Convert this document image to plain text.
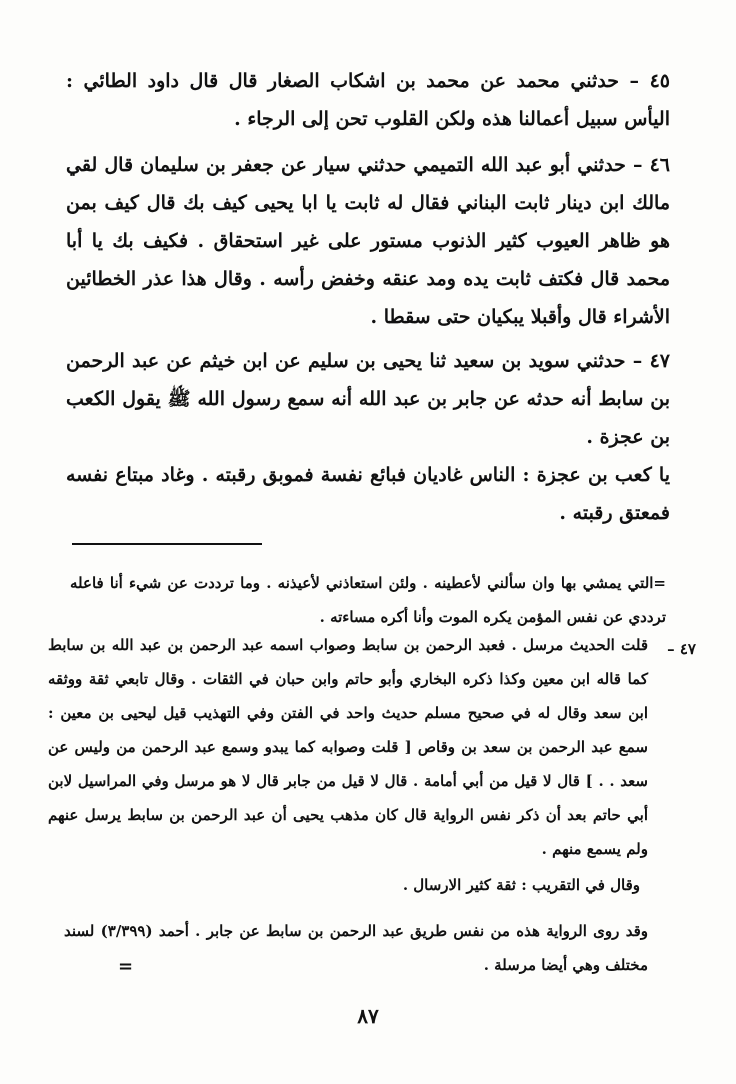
٤٥ – حدثني محمد عن محمد بن اشكاب الصغار قال قال داود الطائي : اليأس سبيل أعمالنا هذه ولكن القلوب تحن إلى الرجاء .

٤٦ – حدثني أبو عبد الله التميمي حدثني سيار عن جعفر بن سليمان قال لقي مالك ابن دينار ثابت البناني فقال له ثابت يا ابا يحيى كيف بك قال كيف بمن هو ظاهر العيوب كثير الذنوب مستور على غير استحقاق . فكيف بك يا أبا محمد قال فكتف ثابت يده ومد عنقه وخفض رأسه . وقال هذا عذر الخطائين الأشراء قال وأقبلا يبكيان حتى سقطا .

٤٧ – حدثني سويد بن سعيد ثنا يحيى بن سليم عن ابن خيثم عن عبد الرحمن بن سابط أنه حدثه عن جابر بن عبد الله أنه سمع رسول الله ﷺ يقول الكعب بن عجزة .

يا كعب بن عجزة : الناس غاديان فبائع نفسة فموبق رقبته . وغاد مبتاع نفسه فمعتق رقبته .

=التي يمشي بها وان سألني لأعطينه . ولئن استعاذني لأعيذنه . وما ترددت عن شيء أنا فاعله ترددي عن نفس المؤمن يكره الموت وأنا أكره مساءته .

٤٧ –

قلت الحديث مرسل . فعبد الرحمن بن سابط وصواب اسمه عبد الرحمن بن عبد الله بن سابط كما قاله ابن معين وكذا ذكره البخاري وأبو حاتم وابن حبان في الثقات . وقال تابعي ثقة ووثقه ابن سعد وقال له في صحيح مسلم حديث واحد في الفتن وفي التهذيب قيل ليحيى بن معين : سمع عبد الرحمن بن سعد بن وقاص [ قلت وصوابه كما يبدو وسمع عبد الرحمن من وليس عن سعد . . ] قال لا قيل من أبي أمامة . قال لا قيل من جابر قال لا هو مرسل وفي المراسيل لابن أبي حاتم بعد أن ذكر نفس الرواية قال كان مذهب يحيى أن عبد الرحمن بن سابط يرسل عنهم ولم يسمع منهم .

وقال في التقريب : ثقة كثير الارسال .

وقد روى الرواية هذه من نفس طريق عبد الرحمن بن سابط عن جابر . أحمد (٣/٣٩٩) لسند مختلف وهي أيضا مرسلة .

=
٨٧
